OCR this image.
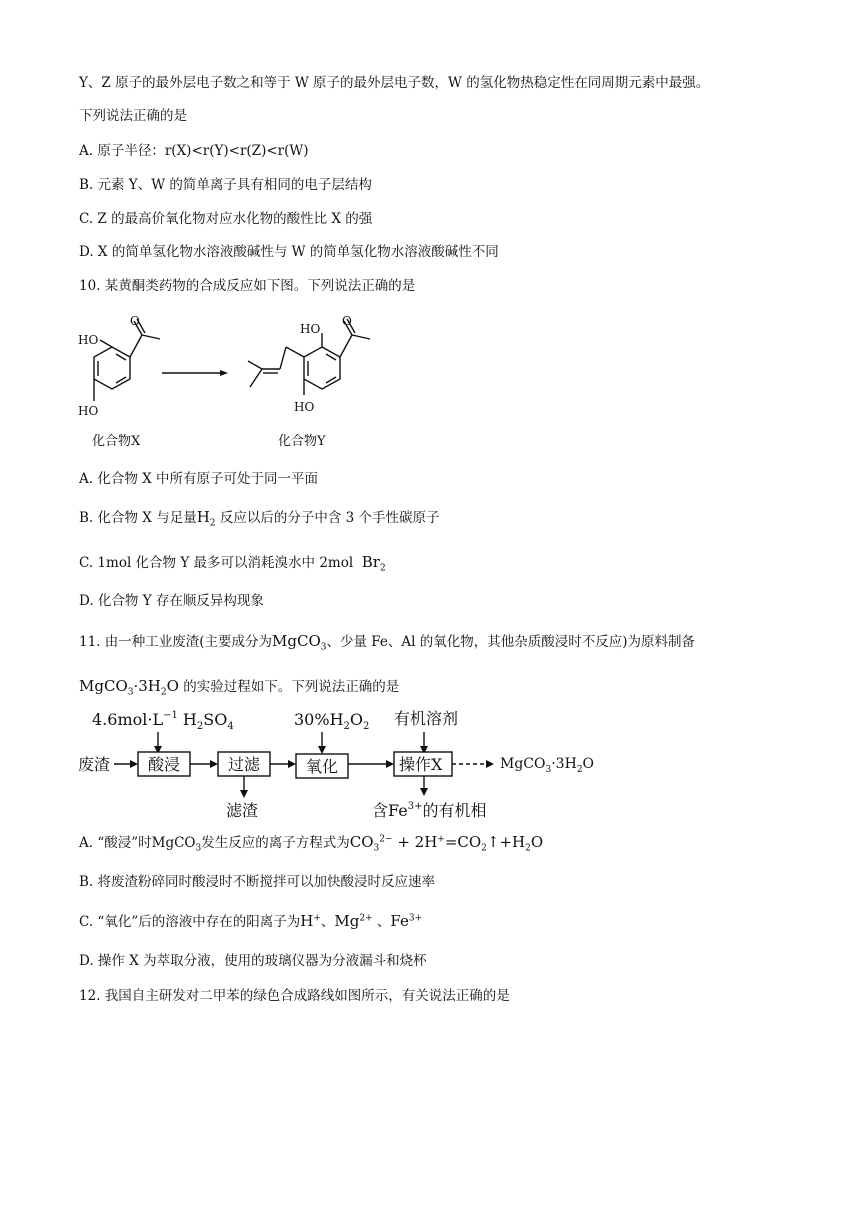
Y、Z 原子的最外层电子数之和等于 W 原子的最外层电子数，W 的氢化物热稳定性在同周期元素中最强。
下列说法正确的是
A. 原子半径：r(X)<r(Y)<r(Z)<r(W)
B. 元素 Y、W 的简单离子具有相同的电子层结构
C. Z 的最高价氧化物对应水化物的酸性比 X 的强
D. X 的简单氢化物水溶液酸碱性与 W 的简单氢化物水溶液酸碱性不同
10. 某黄酮类药物的合成反应如下图。下列说法正确的是
O
HO
HO
O
HO
HO
化合物X	化合物Y
A. 化合物 X 中所有原子可处于同一平面
B. 化合物 X 与足量$H_2$ 反应以后的分子中含 3 个手性碳原子
C. 1mol 化合物 Y 最多可以消耗溴水中 2mol $Br_2$
D. 化合物 Y 存在顺反异构现象
11. 由一种工业废渣(主要成分为MgCO$_3$、少量 Fe、Al 的氧化物，其他杂质酸浸时不反应)为原料制备
$MgCO_3\cdot 3H_2O$ 的实验过程如下。下列说法正确的是
$4.6mol\cdot L^{-1}$ $H_2SO_4$	$30\%H_2O_2$ 有机溶剂
废渣 酸浸	过滤
滤渣
氧化	操作X	$MgCO_3\cdot 3H_2O$
含$Fe^{3+}$的有机相
A. “酸浸”时MgCO$_3$发生反应的离子方程式为$CO_3^{2-}$ + $2H^+=CO_2↑+H_2O$
B. 将废渣粉碎同时酸浸时不断搅拌可以加快酸浸时反应速率
C. “氧化”后的溶液中存在的阳离子为H+、$Mg^{2+}$ 、$Fe^{3+}$
D. 操作 X 为萃取分液，使用的玻璃仪器为分液漏斗和烧杯
12. 我国自主研发对二甲苯的绿色合成路线如图所示，有关说法正确的是
